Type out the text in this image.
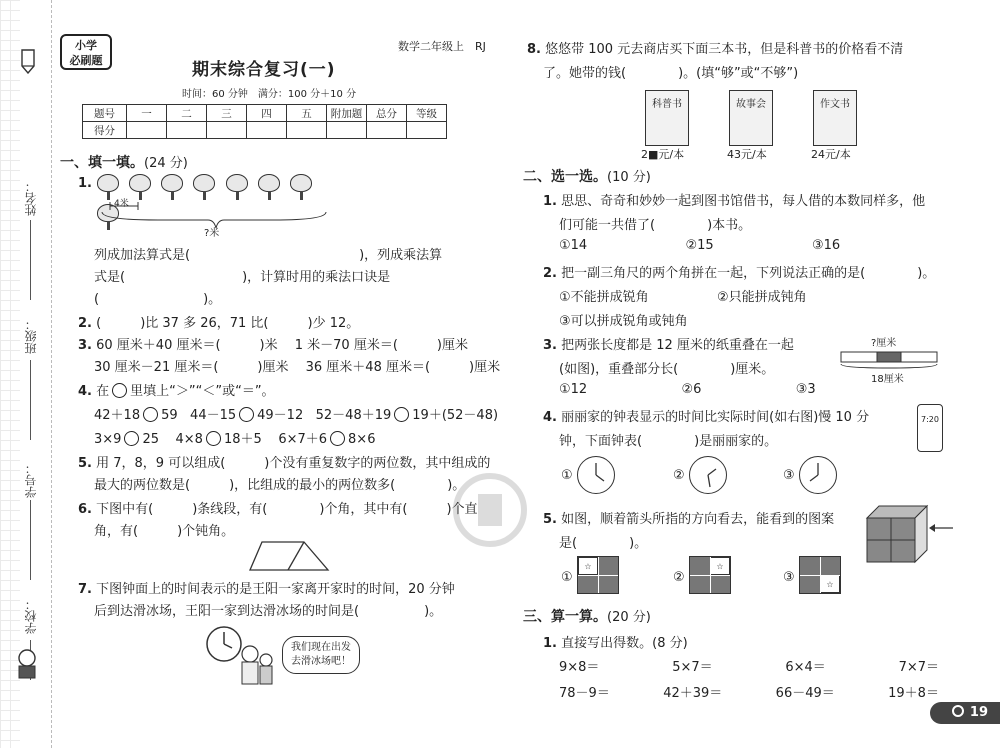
姓名：
班级：
学号：
学校：
小学
必刷题
数学二年级上　RJ
期末综合复习(一)
时间：60 分钟　满分：100 分＋10 分
题号	一	二	三	四	五	附加题	总分	等级
得分								
一、填一填。(24 分)
1.

4米
?米
列成加法算式是(　　　　　　　　　　　　　)，列成乘法算
式是(　　　　　　　　　)，计算时用的乘法口诀是
(　　　　　　　　)。
2. (　　　)比 37 多 26，71 比(　　　)少 12。
3. 60 厘米＋40 厘米＝(　　　)米　 1 米－70 厘米＝(　　　)厘米
30 厘米－21 厘米＝(　　　)厘米　 36 厘米＋48 厘米＝(　　　)厘米
4. 在 里填上“＞”“＜”或“＝”。
42＋18 59 44－15 49－12 52－48＋19 19＋(52－48)
3×9 25 4×8 18＋5 6×7＋6 8×6
5. 用 7，8，9 可以组成(　　　)个没有重复数字的两位数，其中组成的
最大的两位数是(　　　)，比组成的最小的两位数多(　　　　)。
6. 下图中有(　　　)条线段，有(　　　　)个角，其中有(　　　)个直
角，有(　　　)个钝角。
7. 下图钟面上的时间表示的是王阳一家离开家时的时间，20 分钟
后到达滑冰场，王阳一家到达滑冰场的时间是(　　　　　)。
我们现在出发
去滑冰场吧！
8. 悠悠带 100 元去商店买下面三本书，但是科普书的价格看不清
了。她带的钱(　　　　)。(填“够”或“不够”)
科普书
2■元/本
故事会
43元/本
作文书
24元/本
二、选一选。(10 分)
1. 思思、奇奇和妙妙一起到图书馆借书，每人借的本数同样多，他
们可能一共借了(　　　　)本书。
①14	②15	③16
2. 把一副三角尺的两个角拼在一起，下列说法正确的是(　　　　)。
①不能拼成锐角	②只能拼成钝角
③可以拼成锐角或钝角
3. 把两张长度都是 12 厘米的纸重叠在一起
(如图)，重叠部分长(　　　　)厘米。
①12	②6	③3
?厘米
18厘米
4. 丽丽家的钟表显示的时间比实际时间(如右图)慢 10 分
钟，下面钟表(　　　　)是丽丽家的。
7:20
①	②	③
5. 如图，顺着箭头所指的方向看去，能看到的图案
是(　　　　)。
①
☆
②
☆
③	☆
三、算一算。(20 分)
1. 直接写出得数。(8 分)
9×8＝	5×7＝	6×4＝	7×7＝
78－9＝	42＋39＝	66－49＝	19＋8＝
19
